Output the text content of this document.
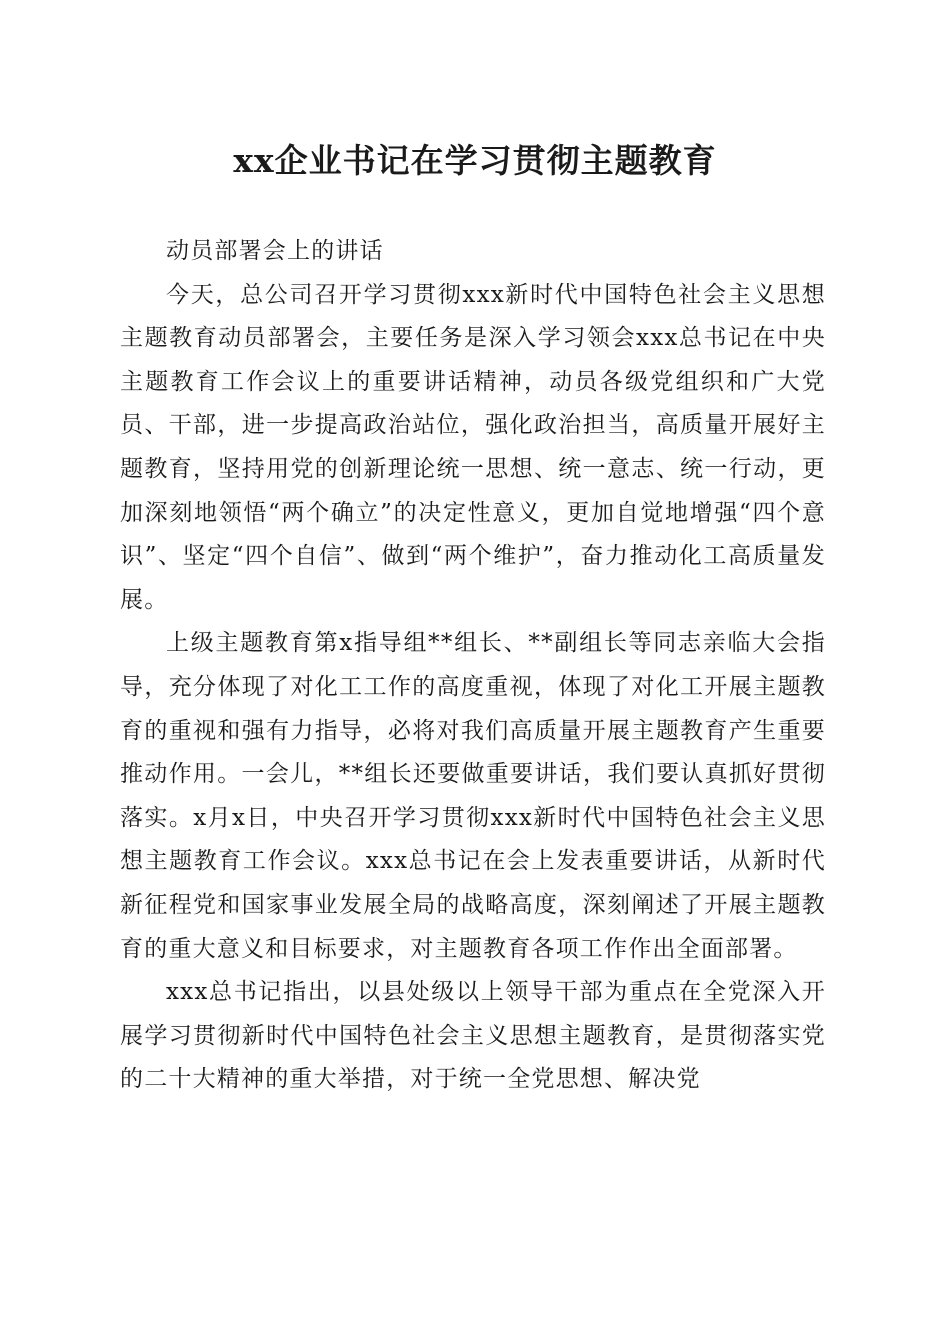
xx企业书记在学习贯彻主题教育

动员部署会上的讲话

今天，总公司召开学习贯彻xxx新时代中国特色社会主义思想主题教育动员部署会，主要任务是深入学习领会xxx总书记在中央主题教育工作会议上的重要讲话精神，动员各级党组织和广大党员、干部，进一步提高政治站位，强化政治担当，高质量开展好主题教育，坚持用党的创新理论统一思想、统一意志、统一行动，更加深刻地领悟“两个确立”的决定性意义，更加自觉地增强“四个意识”、坚定“四个自信”、做到“两个维护”，奋力推动化工高质量发展。

上级主题教育第x指导组**组长、**副组长等同志亲临大会指导，充分体现了对化工工作的高度重视，体现了对化工开展主题教育的重视和强有力指导，必将对我们高质量开展主题教育产生重要推动作用。一会儿，**组长还要做重要讲话，我们要认真抓好贯彻落实。x月x日，中央召开学习贯彻xxx新时代中国特色社会主义思想主题教育工作会议。xxx总书记在会上发表重要讲话，从新时代新征程党和国家事业发展全局的战略高度，深刻阐述了开展主题教育的重大意义和目标要求，对主题教育各项工作作出全面部署。

xxx总书记指出，以县处级以上领导干部为重点在全党深入开展学习贯彻新时代中国特色社会主义思想主题教育，是贯彻落实党的二十大精神的重大举措，对于统一全党思想、解决党
